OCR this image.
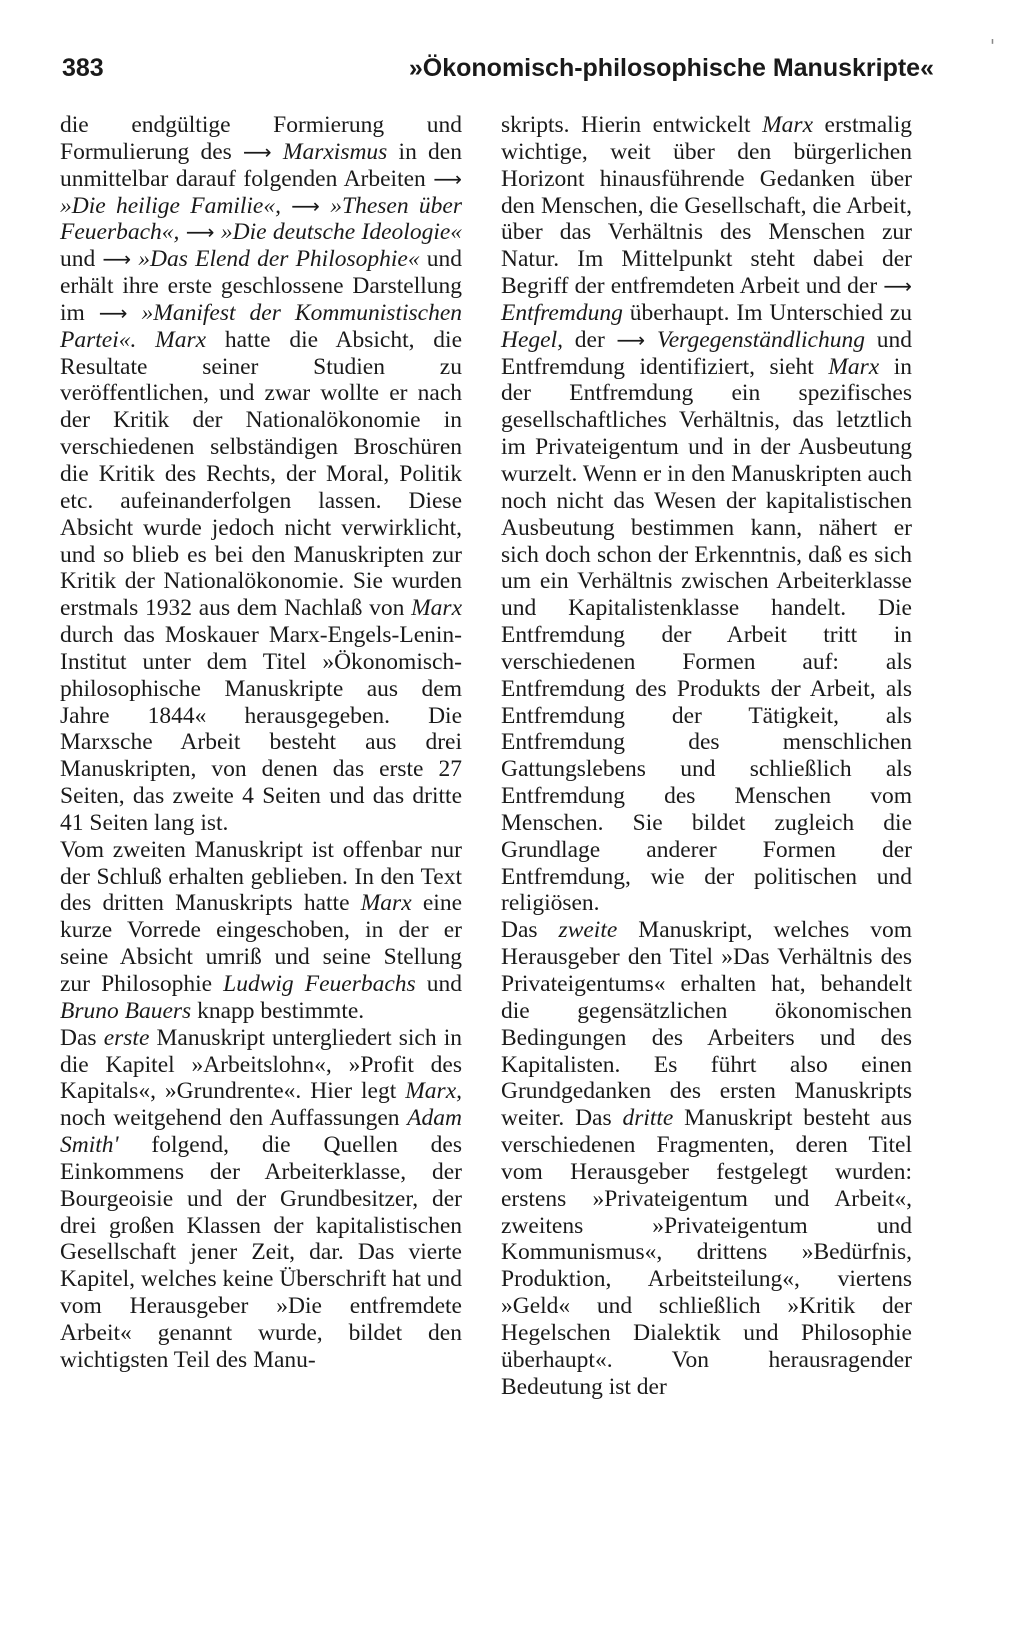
383	»Ökonomisch-philosophische Manuskripte«
'

die endgültige Formierung und Formulierung des ⟶ Marxismus in den unmittelbar darauf folgenden Arbeiten ⟶ »Die heilige Familie«, ⟶ »Thesen über Feuerbach«, ⟶ »Die deutsche Ideologie« und ⟶ »Das Elend der Philosophie« und erhält ihre erste geschlossene Darstellung im ⟶ »Manifest der Kommunistischen Partei«. Marx hatte die Absicht, die Resultate seiner Studien zu veröffentlichen, und zwar wollte er nach der Kritik der Nationalökonomie in verschiedenen selbständigen Broschüren die Kritik des Rechts, der Moral, Politik etc. aufeinanderfolgen lassen. Diese Absicht wurde jedoch nicht verwirklicht, und so blieb es bei den Manuskripten zur Kritik der Nationalökonomie. Sie wurden erstmals 1932 aus dem Nachlaß von Marx durch das Moskauer Marx-Engels-Lenin-Institut unter dem Titel »Ökonomisch-philosophische Manuskripte aus dem Jahre 1844« herausgegeben. Die Marxsche Arbeit besteht aus drei Manuskripten, von denen das erste 27 Seiten, das zweite 4 Seiten und das dritte 41 Seiten lang ist.

Vom zweiten Manuskript ist offenbar nur der Schluß erhalten geblieben. In den Text des dritten Manuskripts hatte Marx eine kurze Vorrede eingeschoben, in der er seine Absicht umriß und seine Stellung zur Philosophie Ludwig Feuerbachs und Bruno Bauers knapp bestimmte.

Das erste Manuskript untergliedert sich in die Kapitel »Arbeitslohn«, »Profit des Kapitals«, »Grundrente«. Hier legt Marx, noch weitgehend den Auffassungen Adam Smith' folgend, die Quellen des Einkommens der Arbeiterklasse, der Bourgeoisie und der Grundbesitzer, der drei großen Klassen der kapitalistischen Gesellschaft jener Zeit, dar. Das vierte Kapitel, welches keine Überschrift hat und vom Herausgeber »Die entfremdete Arbeit« genannt wurde, bildet den wichtigsten Teil des Manu-

skripts. Hierin entwickelt Marx erstmalig wichtige, weit über den bürgerlichen Horizont hinausführende Gedanken über den Menschen, die Gesellschaft, die Arbeit, über das Verhältnis des Menschen zur Natur. Im Mittelpunkt steht dabei der Begriff der entfremdeten Arbeit und der ⟶ Entfremdung überhaupt. Im Unterschied zu Hegel, der ⟶ Vergegenständlichung und Entfremdung identifiziert, sieht Marx in der Entfremdung ein spezifisches gesellschaftliches Verhältnis, das letztlich im Privateigentum und in der Ausbeutung wurzelt. Wenn er in den Manuskripten auch noch nicht das Wesen der kapitalistischen Ausbeutung bestimmen kann, nähert er sich doch schon der Erkenntnis, daß es sich um ein Verhältnis zwischen Arbeiterklasse und Kapitalistenklasse handelt. Die Entfremdung der Arbeit tritt in verschiedenen Formen auf: als Entfremdung des Produkts der Arbeit, als Entfremdung der Tätigkeit, als Entfremdung des menschlichen Gattungslebens und schließlich als Entfremdung des Menschen vom Menschen. Sie bildet zugleich die Grundlage anderer Formen der Entfremdung, wie der politischen und religiösen.

Das zweite Manuskript, welches vom Herausgeber den Titel »Das Verhältnis des Privateigentums« erhalten hat, behandelt die gegensätzlichen ökonomischen Bedingungen des Arbeiters und des Kapitalisten. Es führt also einen Grundgedanken des ersten Manuskripts weiter. Das dritte Manuskript besteht aus verschiedenen Fragmenten, deren Titel vom Herausgeber festgelegt wurden: erstens »Privateigentum und Arbeit«, zweitens »Privateigentum und Kommunismus«, drittens »Bedürfnis, Produktion, Arbeitsteilung«, viertens »Geld« und schließlich »Kritik der Hegelschen Dialektik und Philosophie überhaupt«. Von herausragender Bedeutung ist der
